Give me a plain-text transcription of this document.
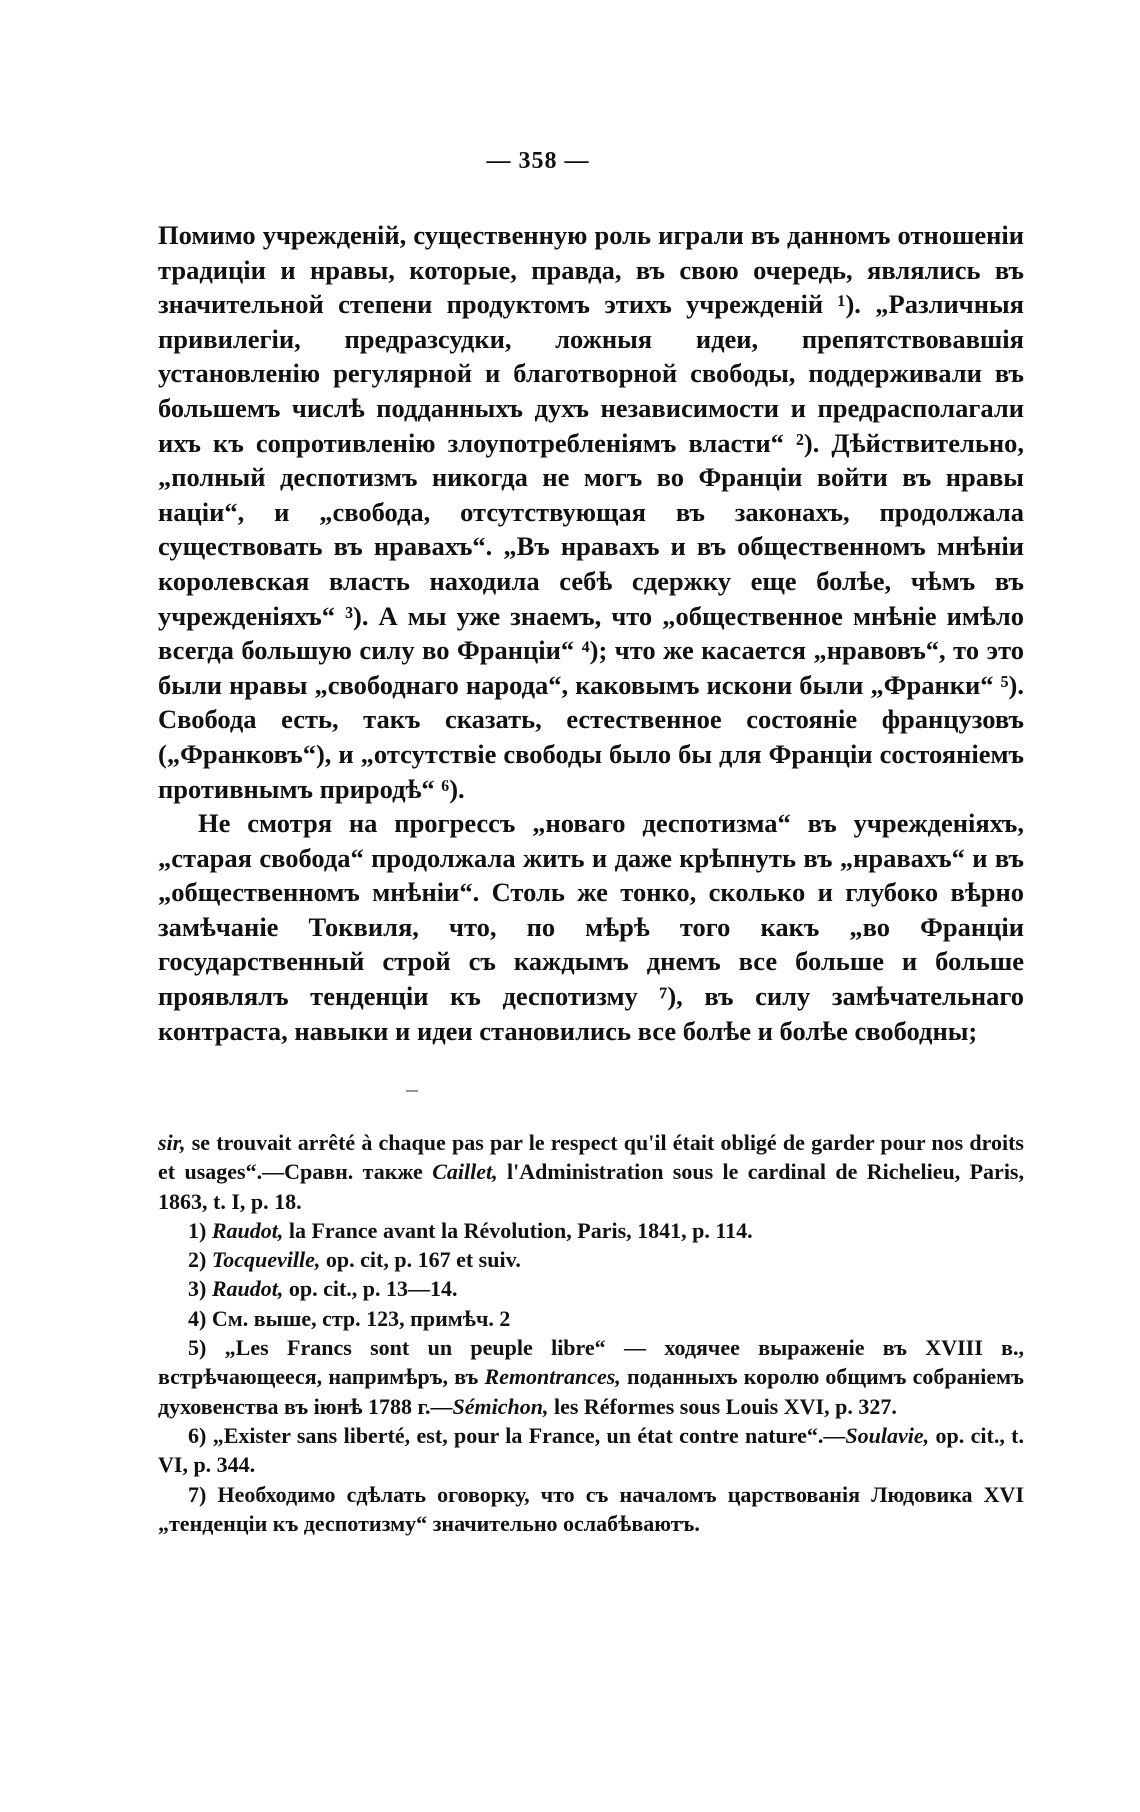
— 358 —

Помимо учрежденій, существенную роль играли въ данномъ отношеніи традиціи и нравы, которые, правда, въ свою очередь, являлись въ значительной степени продуктомъ этихъ учрежденій ¹). „Различныя привилегіи, предразсудки, ложныя идеи, препятствовавшія установленію регулярной и благотворной свободы, поддерживали въ большемъ числѣ подданныхъ духъ независимости и предрасполагали ихъ къ сопротивленію злоупотребленіямъ власти“ ²). Дѣйствительно, „полный деспотизмъ никогда не могъ во Франціи войти въ нравы націи“, и „свобода, отсутствующая въ законахъ, продолжала существовать въ нравахъ“. „Въ нравахъ и въ общественномъ мнѣніи королевская власть находила себѣ сдержку еще болѣе, чѣмъ въ учрежденіяхъ“ ³). А мы уже знаемъ, что „общественное мнѣніе имѣло всегда большую силу во Франціи“ ⁴); что же касается „нравовъ“, то это были нравы „свободнаго народа“, каковымъ искони были „Франки“ ⁵). Свобода есть, такъ сказать, естественное состояніе французовъ („Франковъ“), и „отсутствіе свободы было бы для Франціи состояніемъ противнымъ природѣ“ ⁶).

Не смотря на прогрессъ „новаго деспотизма“ въ учрежденіяхъ, „старая свобода“ продолжала жить и даже крѣпнуть въ „нравахъ“ и въ „общественномъ мнѣніи“. Столь же тонко, сколько и глубоко вѣрно замѣчаніе Токвиля, что, по мѣрѣ того какъ „во Франціи государственный строй съ каждымъ днемъ все больше и больше проявлялъ тенденціи къ деспотизму ⁷), въ силу замѣчательнаго контраста, навыки и идеи становились все болѣе и болѣе свободны;

sir, se trouvait arrêté à chaque pas par le respect qu'il était obligé de garder pour nos droits et usages“.—Сравн. также Caillet, l'Administration sous le cardinal de Richelieu, Paris, 1863, t. I, p. 18.

1) Raudot, la France avant la Révolution, Paris, 1841, p. 114.

2) Tocqueville, op. cit, p. 167 et suiv.

3) Raudot, op. cit., p. 13—14.

4) См. выше, стр. 123, примѣч. 2

5) „Les Francs sont un peuple libre“ — ходячее выраженіе въ XVIII в., встрѣчающееся, напримѣръ, въ Remontrances, поданныхъ королю общимъ собраніемъ духовенства въ іюнѣ 1788 г.—Sémichon, les Réformes sous Louis XVI, p. 327.

6) „Exister sans liberté, est, pour la France, un état contre nature“.—Soulavie, op. cit., t. VI, p. 344.

7) Необходимо сдѣлать оговорку, что съ началомъ царствованія Людовика XVI „тенденціи къ деспотизму“ значительно ослабѣваютъ.
